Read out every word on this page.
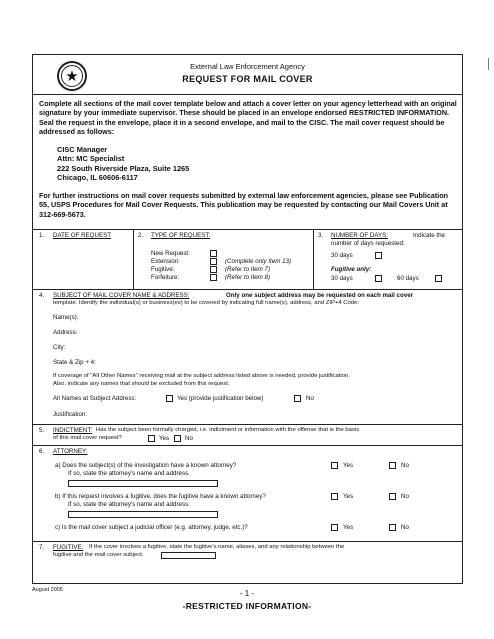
★
External Law Enforcement Agency
REQUEST FOR MAIL COVER
Complete all sections of the mail cover template below and attach a cover letter on your agency letterhead with an original signature by your immediate supervisor. These should be placed in an envelope endorsed RESTRICTED INFORMATION. Seal the request in the envelope, place it in a second envelope, and mail to the CISC. The mail cover request should be addressed as follows:
CISC Manager
Attn: MC Specialist
222 South Riverside Plaza, Suite 1265
Chicago, IL 60606-6117
For further instructions on mail cover requests submitted by external law enforcement agencies, please see Publication 55, USPS Procedures for Mail Cover Requests. This publication may be requested by contacting our Mail Covers Unit at 312-669-5673.
1. DATE OF REQUEST	2. TYPE OF REQUEST:
New Request:
Extension:	(Complete only Item 13)
Fugitive:	(Refer to Item 7)
Forfeiture:	(Refer to Item 8)
3. NUMBER OF DAYS:	Indicate the
number of days requested:
30 days
Fugitive only:
30 days	60 days
4. SUBJECT OF MAIL COVER NAME & ADDRESS:	Only one subject address may be requested on each mail cover
template. Identify the individual(s) or business(es) to be covered by indicating full name(s), address, and ZIP+4 Code:
Name(s):
Address:
City:
State & Zip + 4:
If coverage of "All Other Names" receiving mail at the subject address listed above is needed, provide justification.
Also, indicate any names that should be excluded from this request.
All Names at Subject Address:	Yes (provide justification below)	No
Justification:
5. INDICTMENT: Has the subject been formally charged, i.e. indictment or information with the offense that is the basis
of this mail cover request?	Yes	No
6. ATTORNEY:
a) Does the subject(s) of the investigation have a known attorney?	Yes	No
If so, state the attorney's name and address.
b) If this request involves a fugitive, does the fugitive have a known attorney?	Yes	No
If so, state the attorney's name and address.
c) Is the mail cover subject a judicial officer (e.g. attorney, judge, etc.)?	Yes	No
7. FUGITIVE: If the cover involves a fugitive, state the fugitive's name, aliases, and any relationship between the
fugitive and the mail cover subject.
August 2005	- 1 -
-RESTRICTED INFORMATION-
